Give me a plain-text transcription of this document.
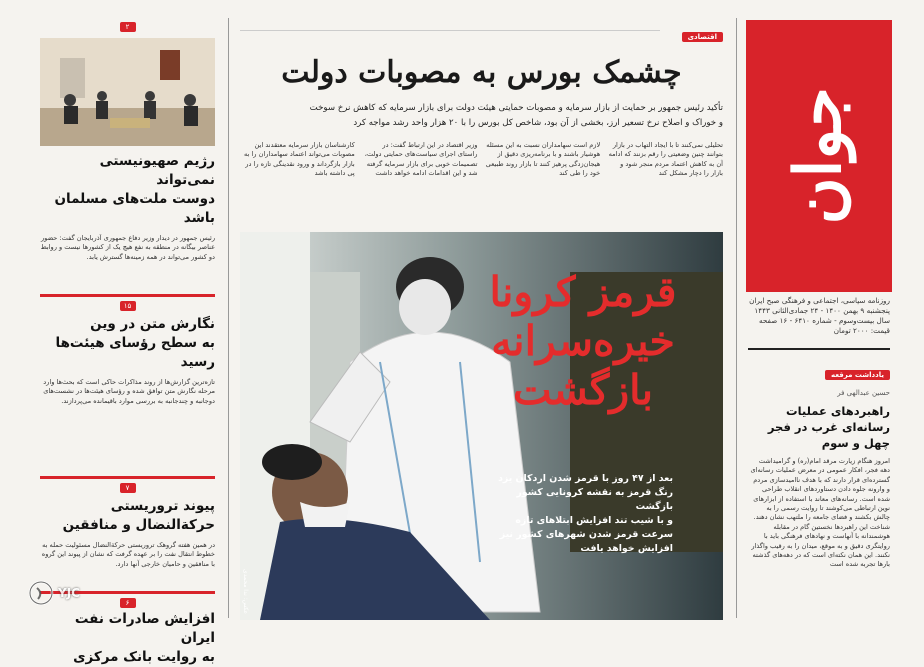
جوان
روزنامه سیاسی، اجتماعی و فرهنگی صبح ایران
پنجشنبه ۹ بهمن ۱۴۰۰ - ۲۴ جمادی‌الثانی ۱۴۴۳
سال بیست‌وسوم - شماره ۶۴۱۰ - ۱۶ صفحه
قیمت: ۲۰۰۰ تومان
یادداشت مرقعه
حسین عبدالهی فر
راهبردهای عملیات رسانه‌ای غرب در فجر چهل و سوم
امروز هنگام زیارت مرقد امام(ره) و گرامیداشت دهه فجر، افکار عمومی در معرض عملیات رسانه‌ای گسترده‌ای قرار دارند که با هدف ناامیدسازی مردم و وارونه جلوه دادن دستاوردهای انقلاب طراحی شده است. رسانه‌های معاند با استفاده از ابزارهای نوین ارتباطی می‌کوشند تا روایت رسمی را به چالش بکشند و فضای جامعه را ملتهب نشان دهند. شناخت این راهبردها نخستین گام در مقابله هوشمندانه با آنهاست و نهادهای فرهنگی باید با روایتگری دقیق و به موقع، میدان را به رقیب واگذار نکنند. این همان نکته‌ای است که در دهه‌های گذشته بارها تجربه شده است
اقتصادی
چشمک بورس به مصوبات دولت
تأکید رئیس جمهور بر حمایت از بازار سرمایه و مصوبات حمایتی هیئت دولت برای بازار سرمایه که کاهش نرخ سوخت
و خوراک و اصلاح نرخ تسعیر ارز، بخشی از آن بود، شاخص کل بورس را با ۲۰ هزار واحد رشد مواجه کرد
تحلیلی نمی‌کنند تا با ایجاد التهاب در بازار بتوانند چنین وضعیتی را رقم بزنند که ادامه آن به کاهش اعتماد مردم منجر شود و بازار را دچار مشکل کند
لازم است سهامداران نسبت به این مسئله هوشیار باشند و با برنامه‌ریزی دقیق از هیجان‌زدگی پرهیز کنند تا بازار روند طبیعی خود را طی کند
وزیر اقتصاد در این ارتباط گفت: در راستای اجرای سیاست‌های حمایتی دولت، تصمیمات خوبی برای بازار سرمایه گرفته شد و این اقدامات ادامه خواهد داشت
کارشناسان بازار سرمایه معتقدند این مصوبات می‌تواند اعتماد سهامداران را به بازار بازگرداند و ورود نقدینگی تازه را در پی داشته باشد
قرمز کرونا
خیره‌سرانه
بازگشت
بعد از ۴۷ روز با قرمز شدن اردکان یزد
رنگ قرمز به نقشه کرونایی کشور بازگشت
و با شیب تند افزایش ابتلاهای تازه
سرعت قرمز شدن شهرهای کشور نیز
افزایش خواهد یافت
عکس: ندا محمدی
۲
رژیم صهیونیستی نمی‌تواند
دوست ملت‌های مسلمان باشد
رئیس جمهور در دیدار وزیر دفاع جمهوری آذربایجان گفت: حضور عناصر بیگانه در منطقه به نفع هیچ یک از کشورها نیست و روابط دو کشور می‌تواند در همه زمینه‌ها گسترش یابد.
۱۵
نگارش متن در وین
به سطح رؤسای هیئت‌ها رسید
تازه‌ترین گزارش‌ها از روند مذاکرات حاکی است که بحث‌ها وارد مرحله نگارش متن توافق شده و رؤسای هیئت‌ها در نشست‌های دوجانبه و چندجانبه به بررسی موارد باقیمانده می‌پردازند.
۷
پیوند تروریستی
حرکة‌النضال و منافقین
در همین هفته گروهک تروریستی حرکة‌النضال مسئولیت حمله به خطوط انتقال نفت را بر عهده گرفت که نشان از پیوند این گروه با منافقین و حامیان خارجی آنها دارد.
۶
افزایش صادرات نفت ایران
به روایت بانک مرکزی
YJC
